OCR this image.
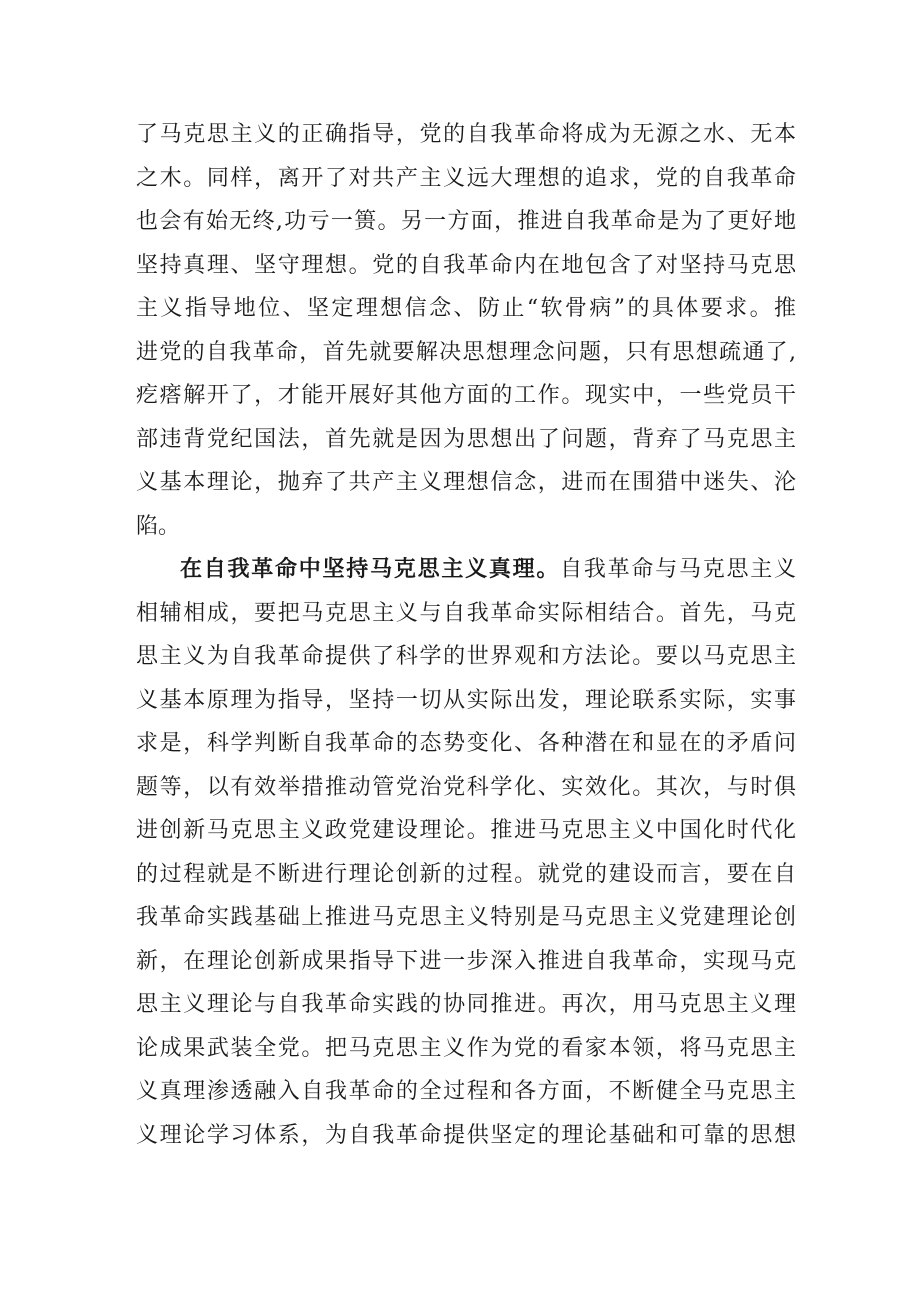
了马克思主义的正确指导，党的自我革命将成为无源之水、无本
之木。同样，离开了对共产主义远大理想的追求，党的自我革命
也会有始无终,功亏一篑。另一方面，推进自我革命是为了更好地
坚持真理、坚守理想。党的自我革命内在地包含了对坚持马克思
主义指导地位、坚定理想信念、防止“软骨病”的具体要求。推
进党的自我革命，首先就要解决思想理念问题，只有思想疏通了,
疙瘩解开了，才能开展好其他方面的工作。现实中，一些党员干
部违背党纪国法，首先就是因为思想出了问题，背弃了马克思主
义基本理论，抛弃了共产主义理想信念，进而在围猎中迷失、沦
陷。
在自我革命中坚持马克思主义真理。自我革命与马克思主义
相辅相成，要把马克思主义与自我革命实际相结合。首先，马克
思主义为自我革命提供了科学的世界观和方法论。要以马克思主
义基本原理为指导，坚持一切从实际出发，理论联系实际，实事
求是，科学判断自我革命的态势变化、各种潜在和显在的矛盾问
题等，以有效举措推动管党治党科学化、实效化。其次，与时俱
进创新马克思主义政党建设理论。推进马克思主义中国化时代化
的过程就是不断进行理论创新的过程。就党的建设而言，要在自
我革命实践基础上推进马克思主义特别是马克思主义党建理论创
新，在理论创新成果指导下进一步深入推进自我革命，实现马克
思主义理论与自我革命实践的协同推进。再次，用马克思主义理
论成果武装全党。把马克思主义作为党的看家本领，将马克思主
义真理渗透融入自我革命的全过程和各方面，不断健全马克思主
义理论学习体系，为自我革命提供坚定的理论基础和可靠的思想
